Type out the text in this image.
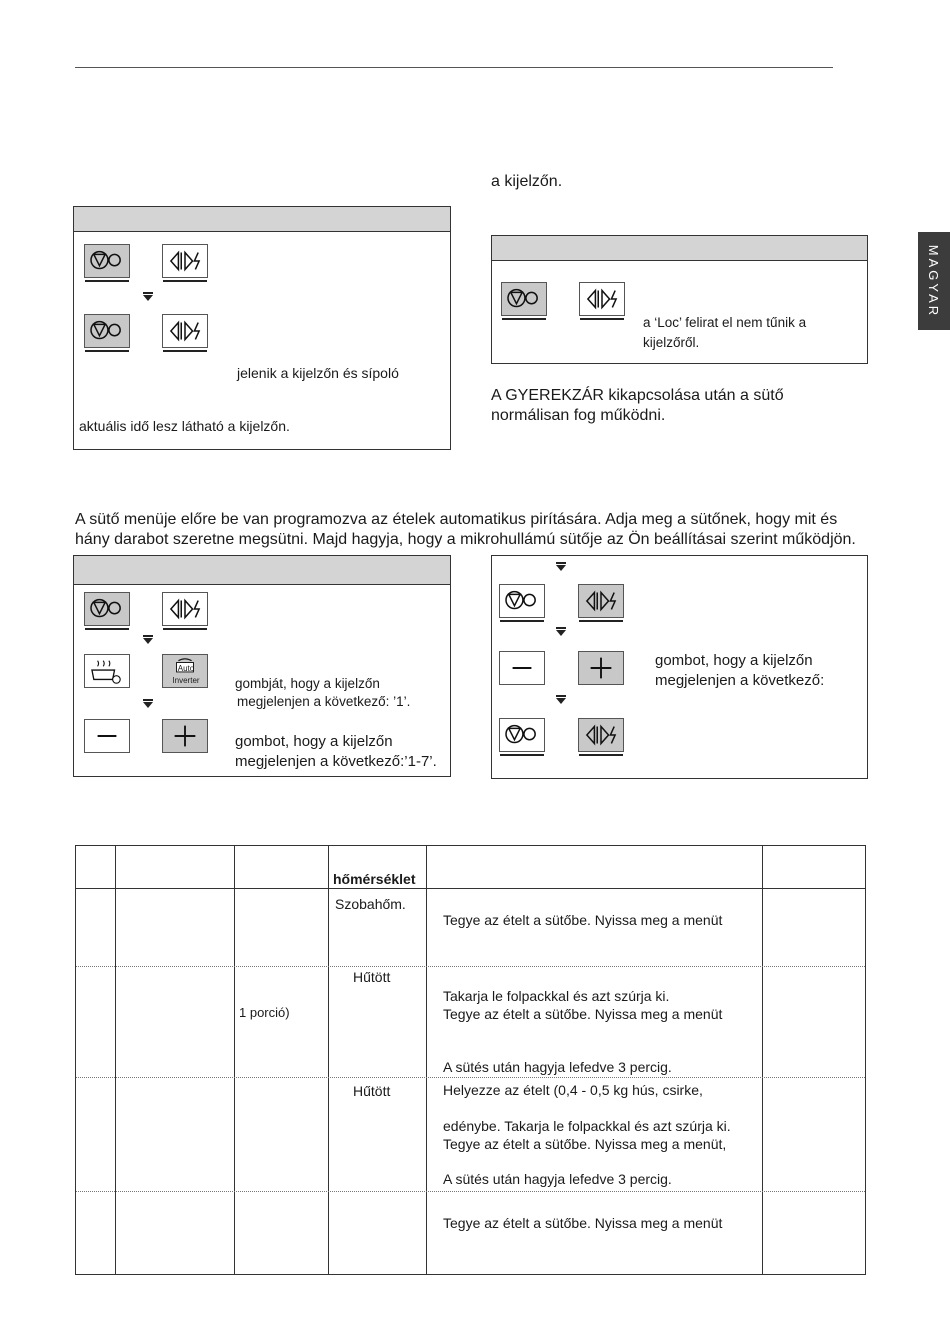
MAGYAR
a kijelzőn.
jelenik a kijelzőn és sípoló
aktuális idő lesz látható a kijelzőn.
a ‘Loc’ felirat el nem tűnik a
kijelzőről.
A GYEREKZÁR kikapcsolása után a sütő
normálisan fog működni.
A sütő menüje előre be van programozva az ételek automatikus pirítására. Adja meg a sütőnek, hogy mit és
hány darabot szeretne megsütni. Majd hagyja, hogy a mikrohullámú sütője az Ön beállításai szerint működjön.
Auto
Inverter	gombját, hogy a kijelzőn
megjelenjen a következő: ’1’.
gombot, hogy a kijelzőn
megjelenjen a következő:’1-7’.
gombot, hogy a kijelzőn
megjelenjen a következő:
hőmérséklet
Szobahőm.
Tegye az ételt a sütőbe. Nyissa meg a menüt
Hűtött
1 porció)
Takarja le folpackkal és azt szúrja ki.
Tegye az ételt a sütőbe. Nyissa meg a menüt
A sütés után hagyja lefedve 3 percig.
Hűtött	Helyezze az ételt (0,4 - 0,5 kg hús, csirke,
edénybe. Takarja le folpackkal és azt szúrja ki.
Tegye az ételt a sütőbe. Nyissa meg a menüt,
A sütés után hagyja lefedve 3 percig.
Tegye az ételt a sütőbe. Nyissa meg a menüt
